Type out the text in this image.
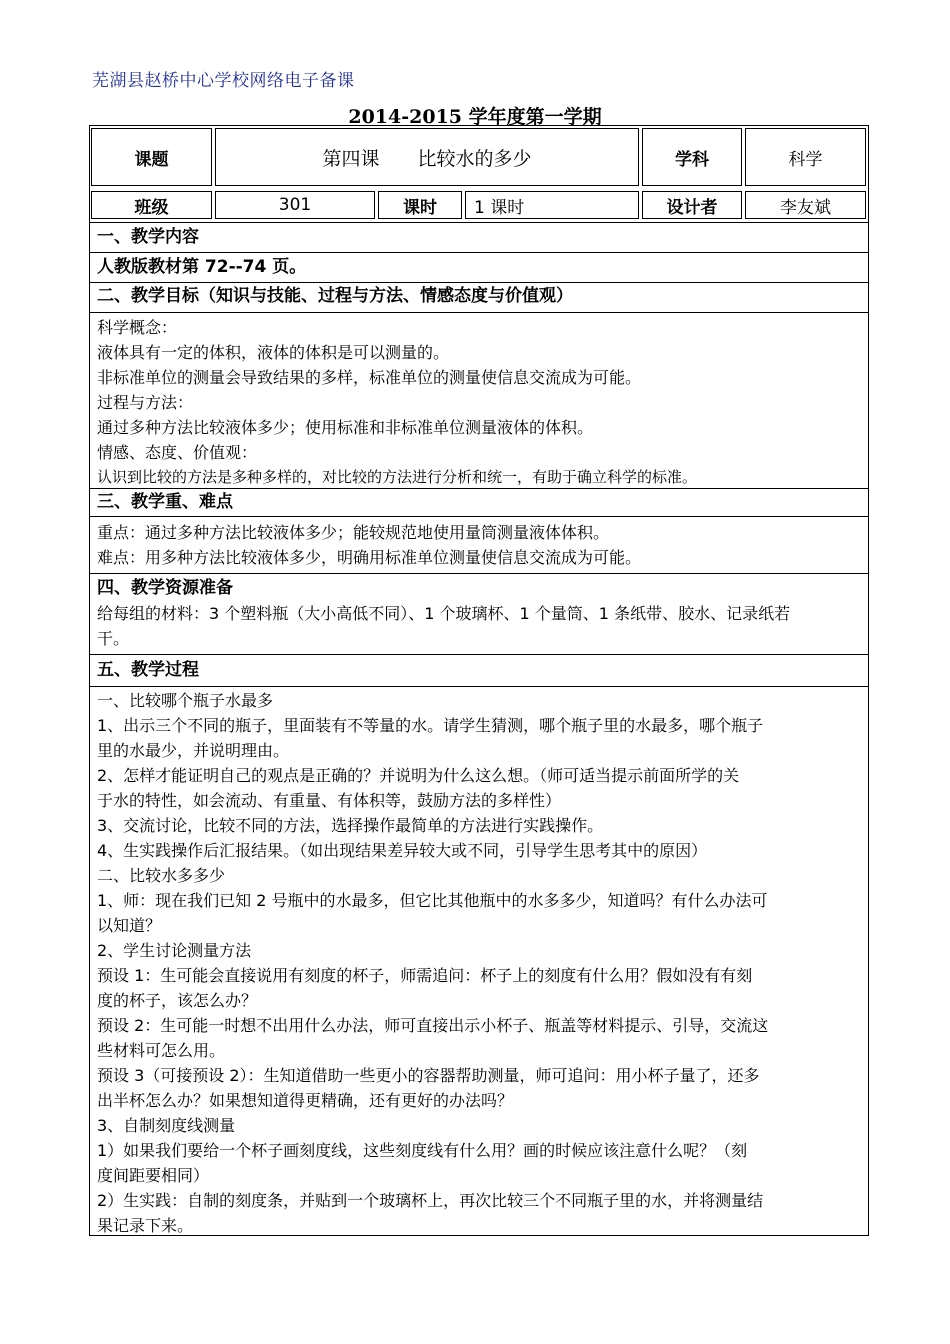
芜湖县赵桥中心学校网络电子备课
2014-2015 学年度第一学期
课题	第四课　　比较水的多少	学科	科学
班级	301	课时	1 课时	设计者	李友斌
一、教学内容
人教版教材第 72--74 页。
二、教学目标（知识与技能、过程与方法、情感态度与价值观）
科学概念：
液体具有一定的体积，液体的体积是可以测量的。
非标准单位的测量会导致结果的多样，标准单位的测量使信息交流成为可能。
过程与方法：
通过多种方法比较液体多少；使用标准和非标准单位测量液体的体积。
情感、态度、价值观：
认识到比较的方法是多种多样的，对比较的方法进行分析和统一，有助于确立科学的标准。
三、教学重、难点
重点：通过多种方法比较液体多少；能较规范地使用量筒测量液体体积。
难点：用多种方法比较液体多少，明确用标准单位测量使信息交流成为可能。
四、教学资源准备
给每组的材料：3 个塑料瓶（大小高低不同）、1 个玻璃杯、1 个量筒、1 条纸带、胶水、记录纸若
干。
五、教学过程
一、比较哪个瓶子水最多
1、出示三个不同的瓶子，里面装有不等量的水。请学生猜测，哪个瓶子里的水最多，哪个瓶子
里的水最少，并说明理由。
2、怎样才能证明自己的观点是正确的？并说明为什么这么想。（师可适当提示前面所学的关
于水的特性，如会流动、有重量、有体积等，鼓励方法的多样性）
3、交流讨论，比较不同的方法，选择操作最简单的方法进行实践操作。
4、生实践操作后汇报结果。（如出现结果差异较大或不同，引导学生思考其中的原因）
二、比较水多多少
1、师：现在我们已知 2 号瓶中的水最多，但它比其他瓶中的水多多少，知道吗？有什么办法可
以知道？
2、学生讨论测量方法
预设 1：生可能会直接说用有刻度的杯子，师需追问：杯子上的刻度有什么用？假如没有有刻
度的杯子，该怎么办？
预设 2：生可能一时想不出用什么办法，师可直接出示小杯子、瓶盖等材料提示、引导，交流这
些材料可怎么用。
预设 3（可接预设 2）：生知道借助一些更小的容器帮助测量，师可追问：用小杯子量了，还多
出半杯怎么办？如果想知道得更精确，还有更好的办法吗？
3、自制刻度线测量
1）如果我们要给一个杯子画刻度线，这些刻度线有什么用？画的时候应该注意什么呢？（刻
度间距要相同）
2）生实践：自制的刻度条，并贴到一个玻璃杯上，再次比较三个不同瓶子里的水，并将测量结
果记录下来。
